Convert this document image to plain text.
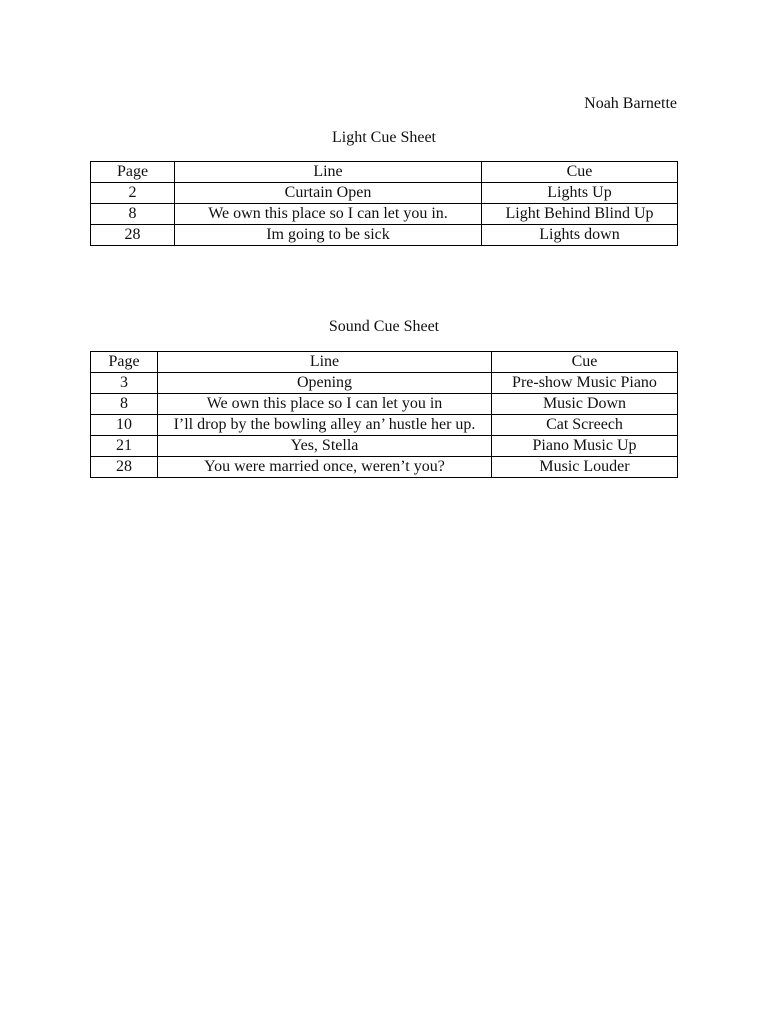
Noah Barnette
Light Cue Sheet
Page	Line	Cue
2	Curtain Open	Lights Up
8	We own this place so I can let you in.	Light Behind Blind Up
28	Im going to be sick	Lights down
Sound Cue Sheet
Page	Line	Cue
3	Opening	Pre-show Music Piano
8	We own this place so I can let you in	Music Down
10	I’ll drop by the bowling alley an’ hustle her up.	Cat Screech
21	Yes, Stella	Piano Music Up
28	You were married once, weren’t you?	Music Louder
